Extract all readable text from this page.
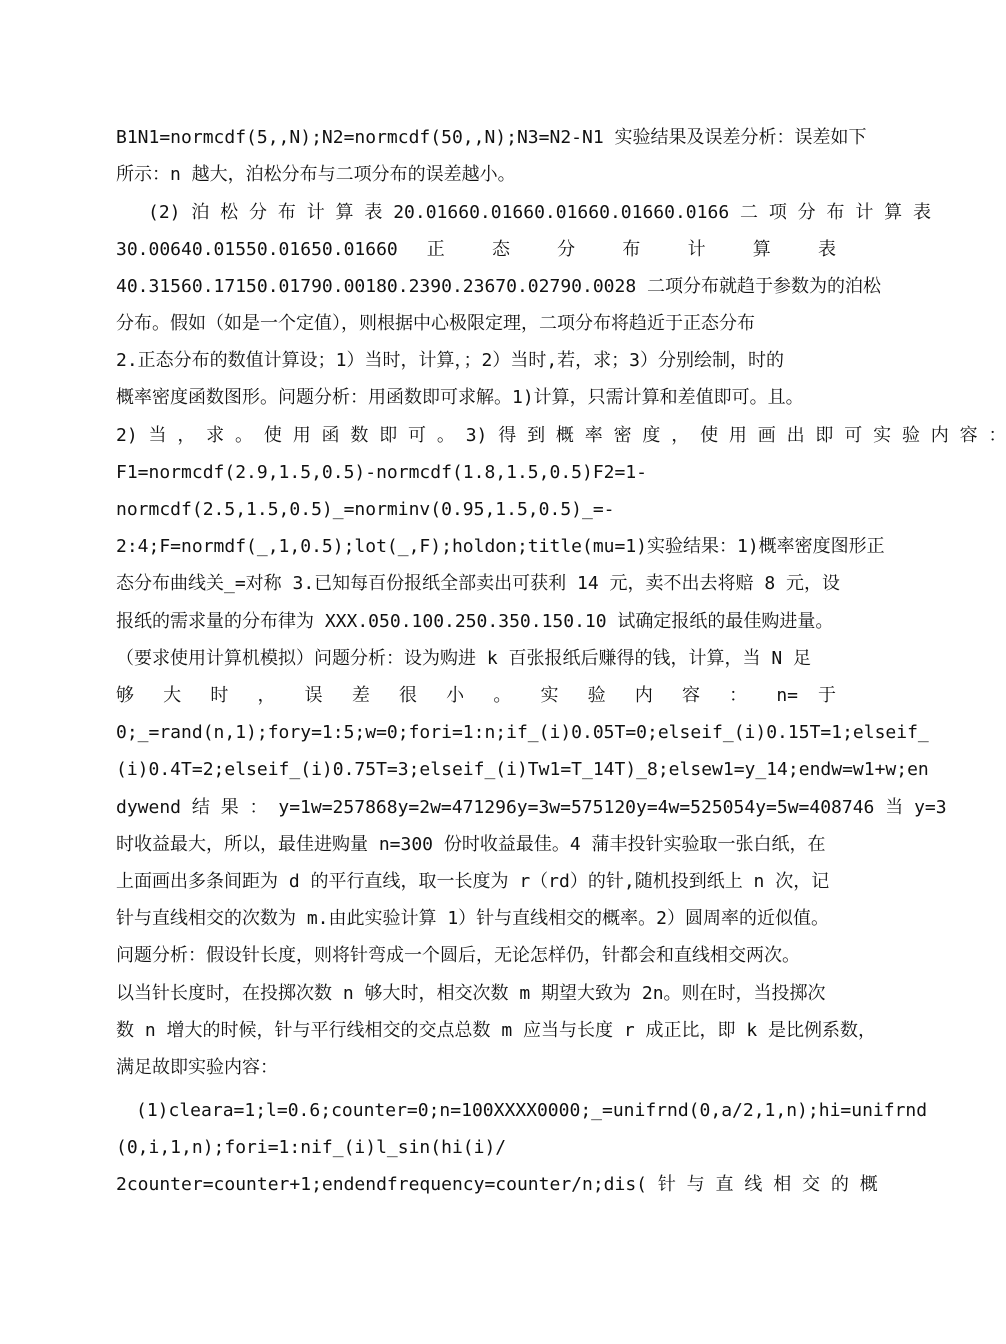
B1N1=normcdf(5,,N);N2=normcdf(50,,N);N3=N2-N1 实验结果及误差分析：误差如下
所示：n 越大，泊松分布与二项分布的误差越小。
(2) 泊 松 分 布 计 算 表 20.01660.01660.01660.01660.0166 二 项 分 布 计 算 表
30.00640.01550.01650.01660 正 态 分 布 计 算 表
40.31560.17150.01790.00180.2390.23670.02790.0028 二项分布就趋于参数为的泊松
分布。假如（如是一个定值），则根据中心极限定理，二项分布将趋近于正态分布
2.正态分布的数值计算设；1）当时，计算，；2）当时,若，求；3）分别绘制，时的
概率密度函数图形。问题分析：用函数即可求解。1)计算，只需计算和差值即可。且。
2) 当 ， 求 。 使 用 函 数 即 可 。 3) 得 到 概 率 密 度 ， 使 用 画 出 即 可 实 验 内 容 ：
F1=normcdf(2.9,1.5,0.5)-normcdf(1.8,1.5,0.5)F2=1-
normcdf(2.5,1.5,0.5)_=norminv(0.95,1.5,0.5)_=-
2:4;F=normdf(_,1,0.5);lot(_,F);holdon;title(mu=1)实验结果：1)概率密度图形正
态分布曲线关_=对称 3.已知每百份报纸全部卖出可获利 14 元，卖不出去将赔 8 元，设
报纸的需求量的分布律为 XXX.050.100.250.350.150.10 试确定报纸的最佳购进量。
（要求使用计算机模拟）问题分析：设为购进 k 百张报纸后赚得的钱，计算，当 N 足
够 大 时 ， 误 差 很 小 。 实 验 内 容 ： n= 于
0;_=rand(n,1);fory=1:5;w=0;fori=1:n;if_(i)0.05T=0;elseif_(i)0.15T=1;elseif_
(i)0.4T=2;elseif_(i)0.75T=3;elseif_(i)Tw1=T_14T)_8;elsew1=y_14;endw=w1+w;en
dywend 结 果 ： y=1w=257868y=2w=471296y=3w=575120y=4w=525054y=5w=408746 当 y=3
时收益最大，所以，最佳进购量 n=300 份时收益最佳。4 蒲丰投针实验取一张白纸，在
上面画出多条间距为 d 的平行直线，取一长度为 r（rd）的针,随机投到纸上 n 次，记
针与直线相交的次数为 m.由此实验计算 1）针与直线相交的概率。2）圆周率的近似值。
问题分析：假设针长度，则将针弯成一个圆后，无论怎样仍，针都会和直线相交两次。
以当针长度时，在投掷次数 n 够大时，相交次数 m 期望大致为 2n。则在时，当投掷次
数 n 增大的时候，针与平行线相交的交点总数 m 应当与长度 r 成正比，即 k 是比例系数，
满足故即实验内容：
(1)cleara=1;l=0.6;counter=0;n=100XXXX0000;_=unifrnd(0,a/2,1,n);hi=unifrnd
(0,i,1,n);fori=1:nif_(i)l_sin(hi(i)/
2counter=counter+1;endendfrequency=counter/n;dis( 针 与 直 线 相 交 的 概
